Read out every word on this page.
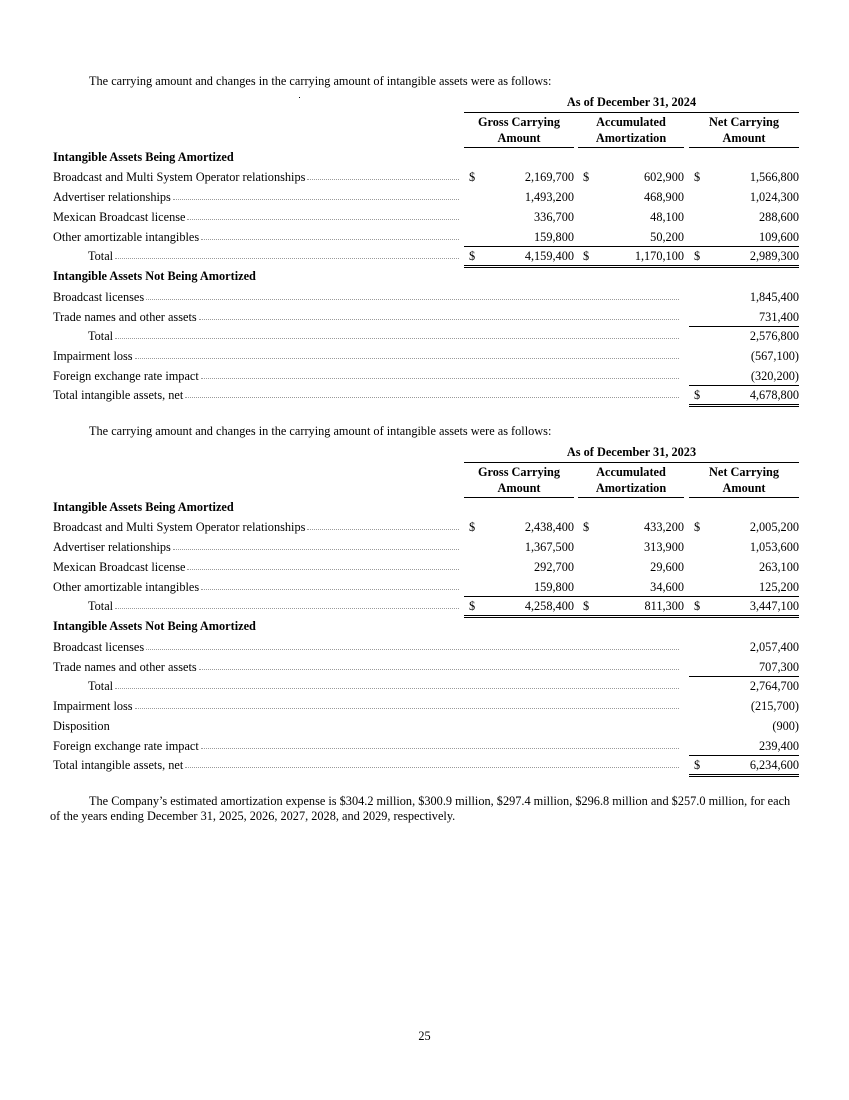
The carrying amount and changes in the carrying amount of intangible assets were as follows:
As of December 31, 2024
Gross Carrying
Amount
Accumulated
Amortization
Net Carrying
Amount
Intangible Assets Being Amortized
Broadcast and Multi System Operator relationships	$	2,169,700 $	602,900 $	1,566,800
Advertiser relationships	1,493,200	468,900	1,024,300
Mexican Broadcast license	336,700	48,100	288,600
Other amortizable intangibles	159,800	50,200	109,600
Total	$	4,159,400 $	1,170,100 $	2,989,300
Intangible Assets Not Being Amortized
Broadcast licenses	1,845,400
Trade names and other assets	731,400
Total	2,576,800
Impairment loss	(567,100)
Foreign exchange rate impact	(320,200)
Total intangible assets, net	$	4,678,800
The carrying amount and changes in the carrying amount of intangible assets were as follows:
As of December 31, 2023
Gross Carrying
Amount
Accumulated
Amortization
Net Carrying
Amount
Intangible Assets Being Amortized
Broadcast and Multi System Operator relationships	$	2,438,400 $	433,200 $	2,005,200
Advertiser relationships	1,367,500	313,900	1,053,600
Mexican Broadcast license	292,700	29,600	263,100
Other amortizable intangibles	159,800	34,600	125,200
Total	$	4,258,400 $	811,300 $	3,447,100
Intangible Assets Not Being Amortized
Broadcast licenses	2,057,400
Trade names and other assets	707,300
Total	2,764,700
Impairment loss	(215,700)
Disposition	(900)
Foreign exchange rate impact	239,400
Total intangible assets, net	$	6,234,600
The Company’s estimated amortization expense is $304.2 million, $300.9 million, $297.4 million, $296.8 million and $257.0 million, for each of the years ending December 31, 2025, 2026, 2027, 2028, and 2029, respectively.
25
